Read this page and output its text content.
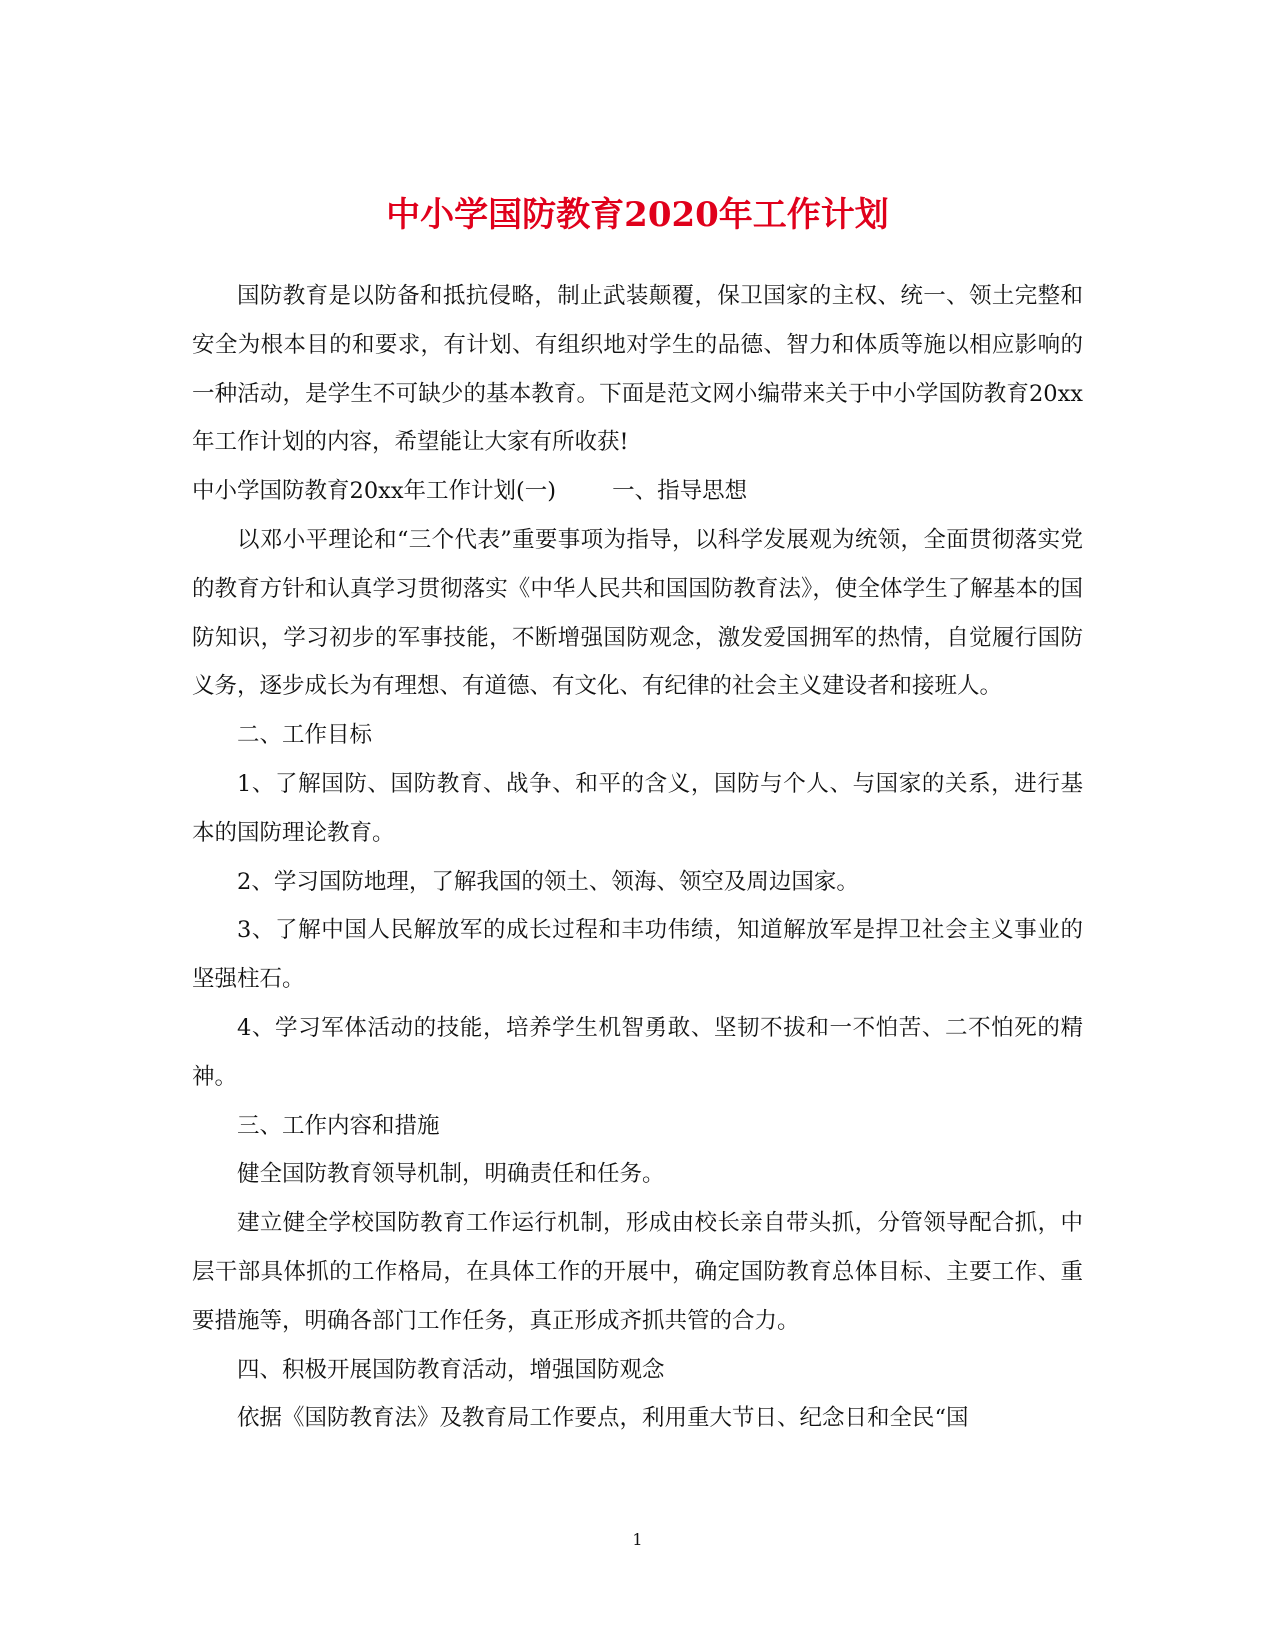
中小学国防教育2020年工作计划

国防教育是以防备和抵抗侵略，制止武装颠覆，保卫国家的主权、统一、领土完整和安全为根本目的和要求，有计划、有组织地对学生的品德、智力和体质等施以相应影响的一种活动，是学生不可缺少的基本教育。下面是范文网小编带来关于中小学国防教育20xx年工作计划的内容，希望能让大家有所收获!

中小学国防教育20xx年工作计划(一) 一、指导思想

以邓小平理论和“三个代表”重要事项为指导，以科学发展观为统领，全面贯彻落实党的教育方针和认真学习贯彻落实《中华人民共和国国防教育法》，使全体学生了解基本的国防知识，学习初步的军事技能，不断增强国防观念，激发爱国拥军的热情，自觉履行国防义务，逐步成长为有理想、有道德、有文化、有纪律的社会主义建设者和接班人。

二、工作目标

1、了解国防、国防教育、战争、和平的含义，国防与个人、与国家的关系，进行基本的国防理论教育。

2、学习国防地理，了解我国的领土、领海、领空及周边国家。

3、了解中国人民解放军的成长过程和丰功伟绩，知道解放军是捍卫社会主义事业的坚强柱石。

4、学习军体活动的技能，培养学生机智勇敢、坚韧不拔和一不怕苦、二不怕死的精神。

三、工作内容和措施

健全国防教育领导机制，明确责任和任务。

建立健全学校国防教育工作运行机制，形成由校长亲自带头抓，分管领导配合抓，中层干部具体抓的工作格局，在具体工作的开展中，确定国防教育总体目标、主要工作、重要措施等，明确各部门工作任务，真正形成齐抓共管的合力。

四、积极开展国防教育活动，增强国防观念

依据《国防教育法》及教育局工作要点，利用重大节日、纪念日和全民“国

1
